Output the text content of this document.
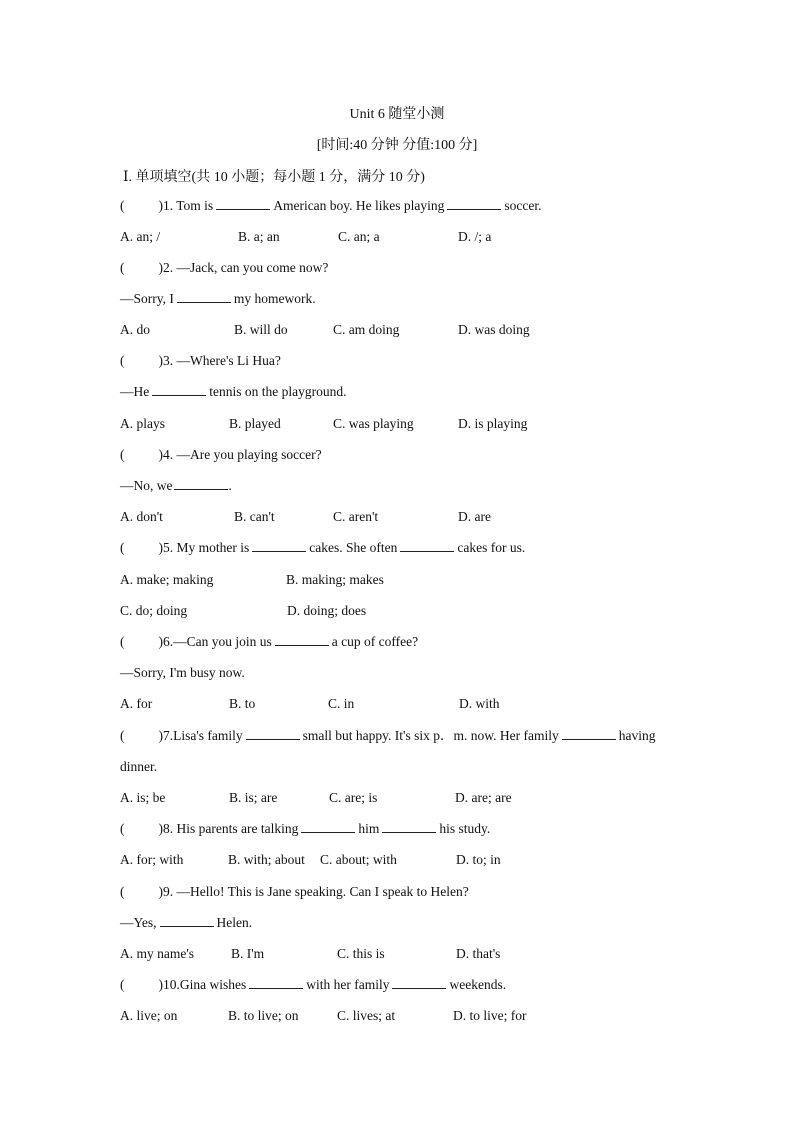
Unit 6 随堂小测
[时间:40 分钟 分值:100 分]
Ⅰ. 单项填空(共 10 小题；每小题 1 分，满分 10 分)
(	)1. Tom is	American boy. He likes playing	soccer.
A. an; /	B. a; an	C. an; a	D. /; a
(	)2. —Jack, can you come now?
—Sorry, I	my homework.
A. do	B. will do	C. am doing	D. was doing
(	)3. —Where's Li Hua?
—He	tennis on the playground.
A. plays	B. played	C. was playing	D. is playing
(	)4. —Are you playing soccer?
—No, we	.
A. don't	B. can't	C. aren't	D. are
(	)5. My mother is	cakes. She often	cakes for us.
A. make; making	B. making; makes
C. do; doing	D. doing; does
(	)6.—Can you join us	a cup of coffee?
—Sorry, I'm busy now.
A. for	B. to	C. in	D. with
(	)7.Lisa's family	small but happy. It's six p．m. now. Her family	having
dinner.
A. is; be	B. is; are	C. are; is	D. are; are
(	)8. His parents are talking	him	his study.
A. for; with	B. with; about C. about; with	D. to; in
(	)9. —Hello! This is Jane speaking. Can I speak to Helen?
—Yes,	Helen.
A. my name's	B. I'm	C. this is	D. that's
(	)10.Gina wishes	with her family	weekends.
A. live; on	B. to live; on	C. lives; at	D. to live; for
